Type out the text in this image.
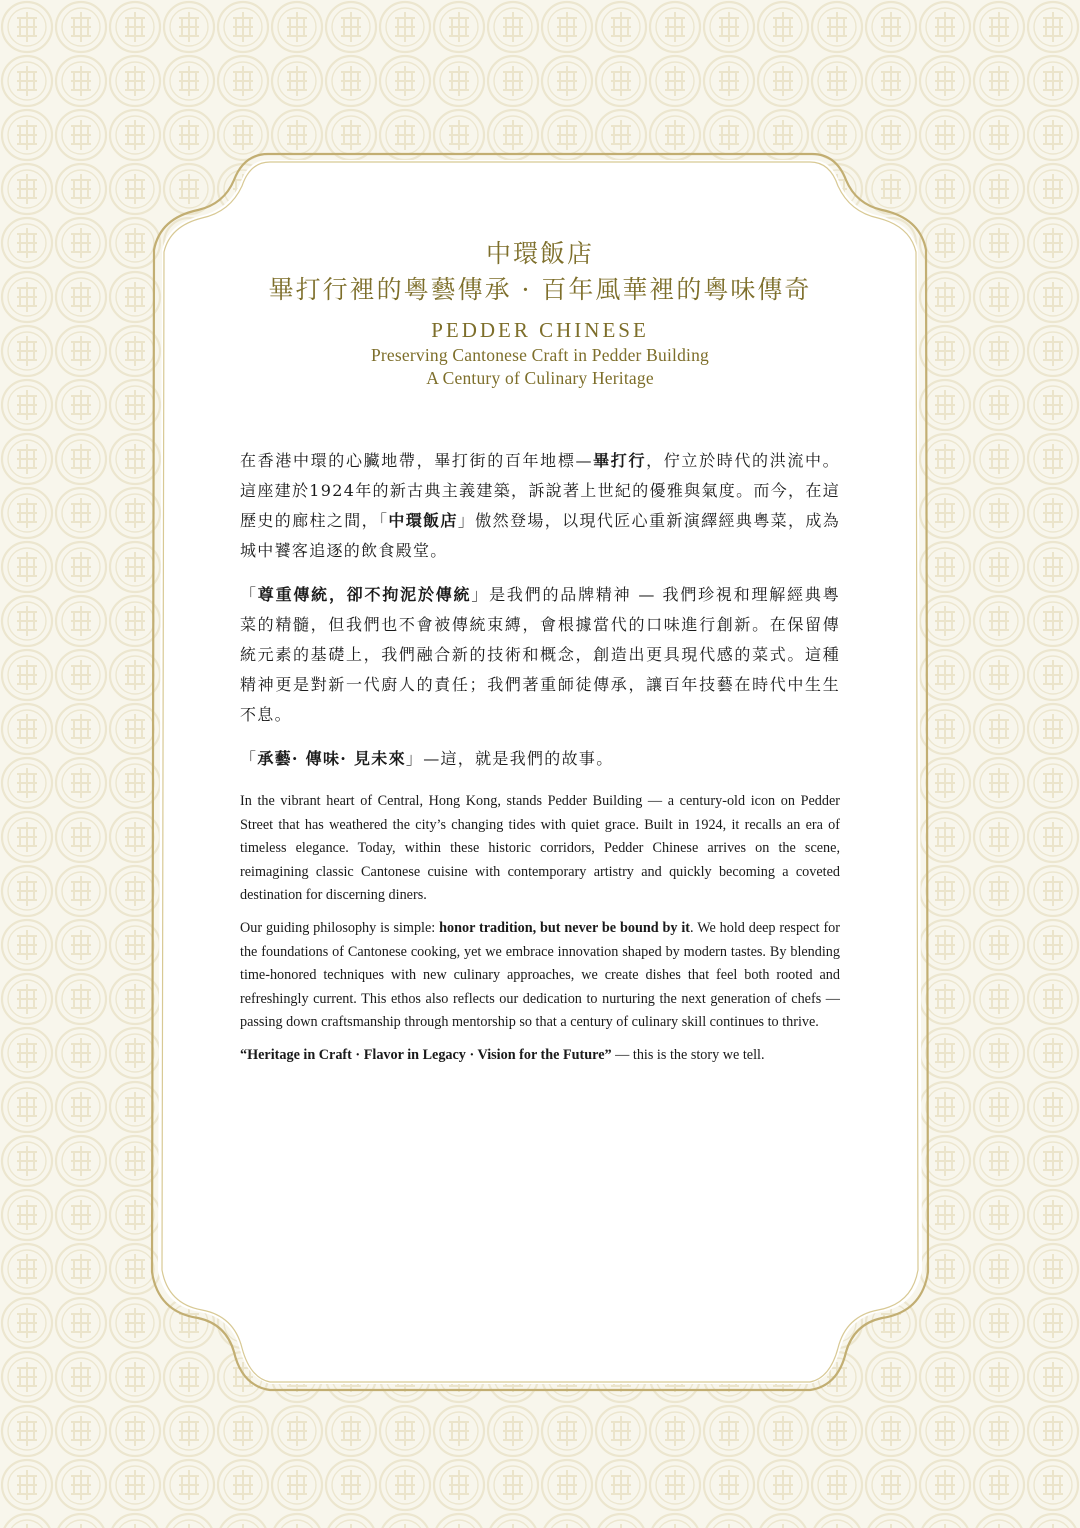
中環飯店
畢打行裡的粵藝傳承 · 百年風華裡的粵味傳奇
PEDDER CHINESE
Preserving Cantonese Craft in Pedder Building
A Century of Culinary Heritage

在香港中環的心臟地帶，畢打街的百年地標—畢打行，佇立於時代的洪流中。這座建於1924年的新古典主義建築，訴說著上世紀的優雅與氣度。而今，在這歷史的廊柱之間，「中環飯店」傲然登場，以現代匠心重新演繹經典粵菜，成為城中饕客追逐的飲食殿堂。

「尊重傳統，卻不拘泥於傳統」是我們的品牌精神 — 我們珍視和理解經典粵菜的精髓，但我們也不會被傳統束縛，會根據當代的口味進行創新。在保留傳統元素的基礎上，我們融合新的技術和概念，創造出更具現代感的菜式。這種精神更是對新一代廚人的責任；我們著重師徒傳承，讓百年技藝在時代中生生不息。

「承藝· 傳味· 見未來」—這，就是我們的故事。

In the vibrant heart of Central, Hong Kong, stands Pedder Building — a century-old icon on Pedder Street that has weathered the city’s changing tides with quiet grace. Built in 1924, it recalls an era of timeless elegance. Today, within these historic corridors, Pedder Chinese arrives on the scene, reimagining classic Cantonese cuisine with contemporary artistry and quickly becoming a coveted destination for discerning diners.

Our guiding philosophy is simple: honor tradition, but never be bound by it. We hold deep respect for the foundations of Cantonese cooking, yet we embrace innovation shaped by modern tastes. By blending time-honored techniques with new culinary approaches, we create dishes that feel both rooted and refreshingly current. This ethos also reflects our dedication to nurturing the next generation of chefs — passing down craftsmanship through mentorship so that a century of culinary skill continues to thrive.

“Heritage in Craft · Flavor in Legacy · Vision for the Future” — this is the story we tell.
